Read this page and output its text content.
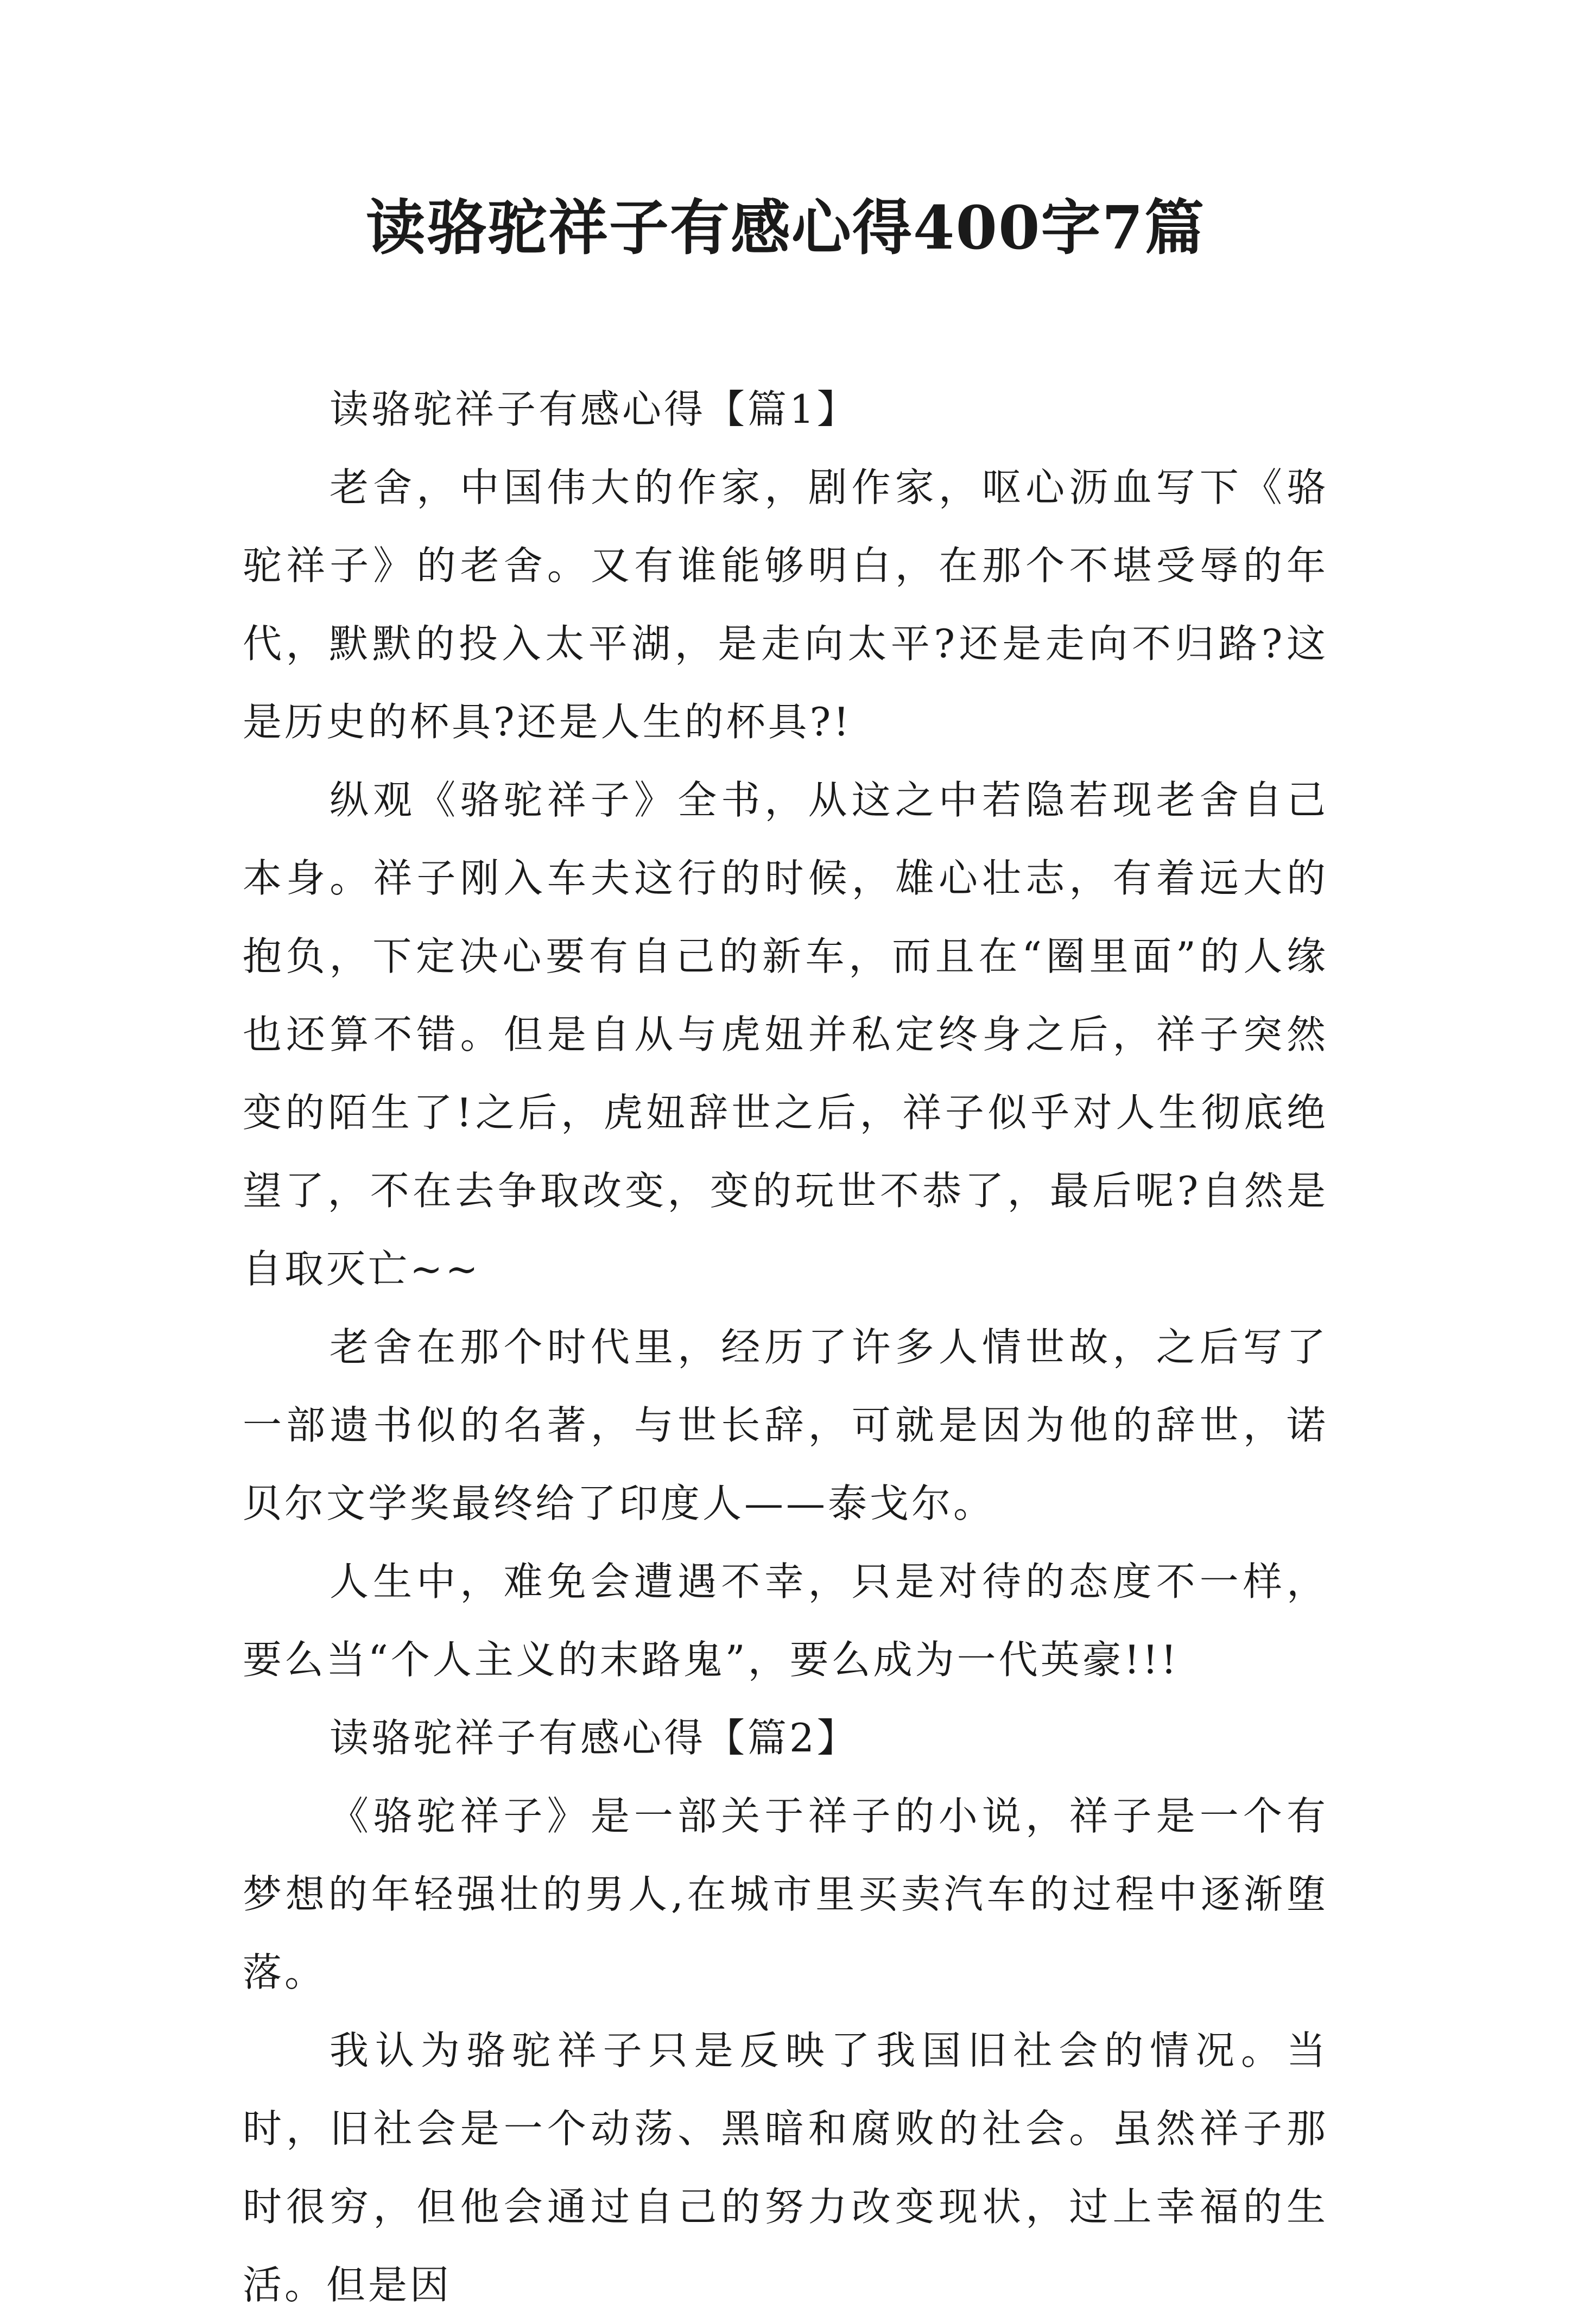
读骆驼祥子有感心得400字7篇

读骆驼祥子有感心得【篇1】

老舍，中国伟大的作家，剧作家，呕心沥血写下《骆驼祥子》的老舍。又有谁能够明白，在那个不堪受辱的年代，默默的投入太平湖，是走向太平?还是走向不归路?这是历史的杯具?还是人生的杯具?!

纵观《骆驼祥子》全书，从这之中若隐若现老舍自己本身。祥子刚入车夫这行的时候，雄心壮志，有着远大的抱负，下定决心要有自己的新车，而且在“圈里面”的人缘也还算不错。但是自从与虎妞并私定终身之后，祥子突然变的陌生了!之后，虎妞辞世之后，祥子似乎对人生彻底绝望了，不在去争取改变，变的玩世不恭了，最后呢?自然是自取灭亡~~

老舍在那个时代里，经历了许多人情世故，之后写了一部遗书似的名著，与世长辞，可就是因为他的辞世，诺贝尔文学奖最终给了印度人——泰戈尔。

人生中，难免会遭遇不幸，只是对待的态度不一样，要么当“个人主义的末路鬼”，要么成为一代英豪!!!

读骆驼祥子有感心得【篇2】

《骆驼祥子》是一部关于祥子的小说，祥子是一个有梦想的年轻强壮的男人,在城市里买卖汽车的过程中逐渐堕落。

我认为骆驼祥子只是反映了我国旧社会的情况。当时，旧社会是一个动荡、黑暗和腐败的社会。虽然祥子那时很穷，但他会通过自己的努力改变现状，过上幸福的生活。但是因
